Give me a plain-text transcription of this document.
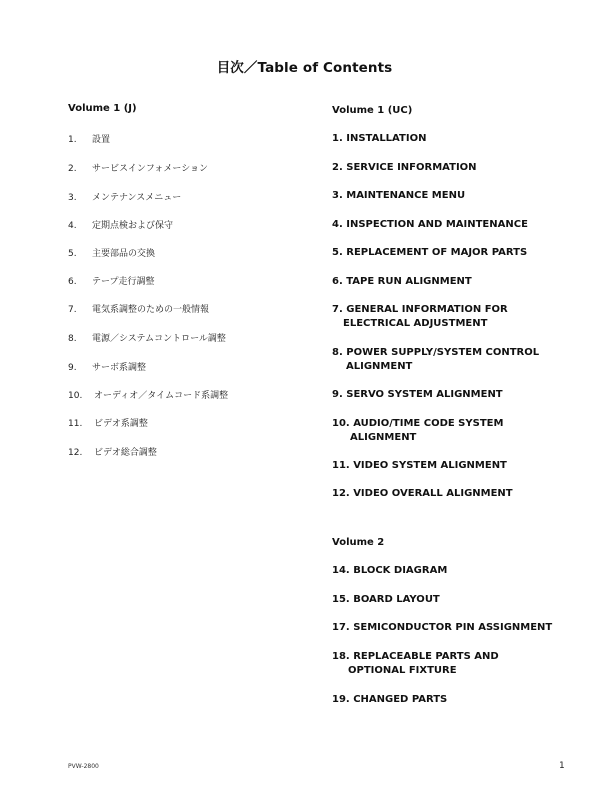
目次／Table of Contents
Volume 1 (J)
1. 設置
2. サービスインフォメーション
3. メンテナンスメニュー
4. 定期点検および保守
5. 主要部品の交換
6. テープ走行調整
7. 電気系調整のための一般情報
8. 電源／システムコントロール調整
9. サーボ系調整
10. オーディオ／タイムコード系調整
11. ビデオ系調整
12. ビデオ総合調整
Volume 1 (UC)
1. INSTALLATION
2. SERVICE INFORMATION
3. MAINTENANCE MENU
4. INSPECTION AND MAINTENANCE
5. REPLACEMENT OF MAJOR PARTS
6. TAPE RUN ALIGNMENT
7. GENERAL INFORMATION FOR
ELECTRICAL ADJUSTMENT
8. POWER SUPPLY/SYSTEM CONTROL
ALIGNMENT
9. SERVO SYSTEM ALIGNMENT
10. AUDIO/TIME CODE SYSTEM
ALIGNMENT
11. VIDEO SYSTEM ALIGNMENT
12. VIDEO OVERALL ALIGNMENT
Volume 2
14. BLOCK DIAGRAM
15. BOARD LAYOUT
17. SEMICONDUCTOR PIN ASSIGNMENT
18. REPLACEABLE PARTS AND
OPTIONAL FIXTURE
19. CHANGED PARTS
PVW-2800	1
